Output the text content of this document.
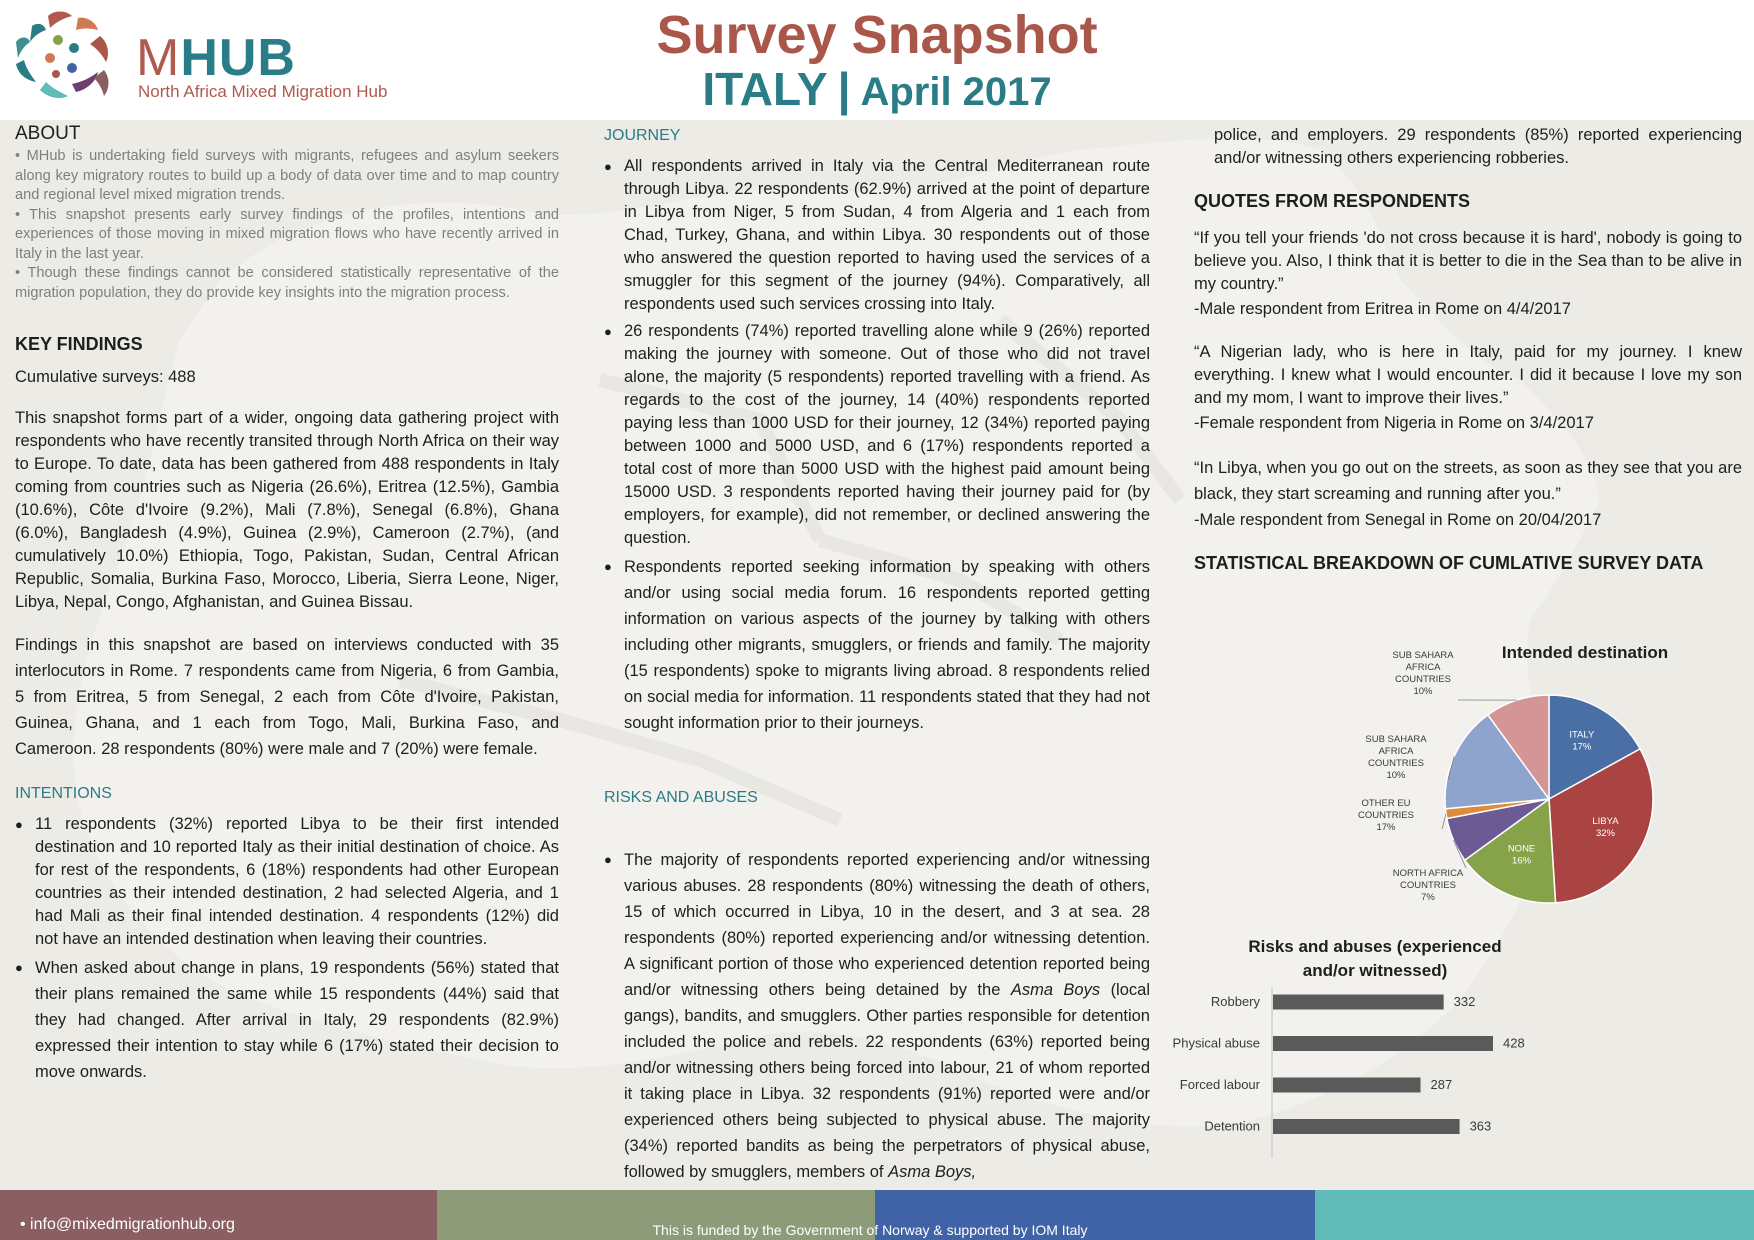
MHUB
North Africa Mixed Migration Hub
Survey Snapshot
ITALY | April 2017
ABOUT

• MHub is undertaking field surveys with migrants, refugees and asylum seekers along key migratory routes to build up a body of data over time and to map country and regional level mixed migration trends.

• This snapshot presents early survey findings of the profiles, intentions and experiences of those moving in mixed migration flows who have recently arrived in Italy in the last year.

• Though these findings cannot be considered statistically representative of the migration population, they do provide key insights into the migration process.

KEY FINDINGS

Cumulative surveys: 488

This snapshot forms part of a wider, ongoing data gathering project with respondents who have recently transited through North Africa on their way to Europe. To date, data has been gathered from 488 respondents in Italy coming from countries such as Nigeria (26.6%), Eritrea (12.5%), Gambia (10.6%), Côte d'Ivoire (9.2%), Mali (7.8%), Senegal (6.8%), Ghana (6.0%), Bangladesh (4.9%), Guinea (2.9%), Cameroon (2.7%), (and cumulatively 10.0%) Ethiopia, Togo, Pakistan, Sudan, Central African Republic, Somalia, Burkina Faso, Morocco, Liberia, Sierra Leone, Niger, Libya, Nepal, Congo, Afghanistan, and Guinea Bissau.

Findings in this snapshot are based on interviews conducted with 35 interlocutors in Rome. 7 respondents came from Nigeria, 6 from Gambia, 5 from Eritrea, 5 from Senegal, 2 each from Côte d'Ivoire, Pakistan, Guinea, Ghana, and 1 each from Togo, Mali, Burkina Faso, and Cameroon. 28 respondents (80%) were male and 7 (20%) were female.

INTENTIONS
● 11 respondents (32%) reported Libya to be their first intended destination and 10 reported Italy as their initial destination of choice. As for rest of the respondents, 6 (18%) respondents had other European countries as their intended destination, 2 had selected Algeria, and 1 had Mali as their final intended destination. 4 respondents (12%) did not have an intended destination when leaving their countries.
● When asked about change in plans, 19 respondents (56%) stated that their plans remained the same while 15 respondents (44%) said that they had changed. After arrival in Italy, 29 respondents (82.9%) expressed their intention to stay while 6 (17%) stated their decision to move onwards.
JOURNEY
● All respondents arrived in Italy via the Central Mediterranean route through Libya. 22 respondents (62.9%) arrived at the point of departure in Libya from Niger, 5 from Sudan, 4 from Algeria and 1 each from Chad, Turkey, Ghana, and within Libya. 30 respondents out of those who answered the question reported to having used the services of a smuggler for this segment of the journey (94%). Comparatively, all respondents used such services crossing into Italy.
● 26 respondents (74%) reported travelling alone while 9 (26%) reported making the journey with someone. Out of those who did not travel alone, the majority (5 respondents) reported travelling with a friend. As regards to the cost of the journey, 14 (40%) respondents reported paying less than 1000 USD for their journey, 12 (34%) reported paying between 1000 and 5000 USD, and 6 (17%) respondents reported a total cost of more than 5000 USD with the highest paid amount being 15000 USD. 3 respondents reported having their journey paid for (by employers, for example), did not remember, or declined answering the question.
● Respondents reported seeking information by speaking with others and/or using social media forum. 16 respondents reported getting information on various aspects of the journey by talking with others including other migrants, smugglers, or friends and family. The majority (15 respondents) spoke to migrants living abroad. 8 respondents relied on social media for information. 11 respondents stated that they had not sought information prior to their journeys.
RISKS AND ABUSES
● The majority of respondents reported experiencing and/or witnessing various abuses. 28 respondents (80%) witnessing the death of others, 15 of which occurred in Libya, 10 in the desert, and 3 at sea. 28 respondents (80%) reported experiencing and/or witnessing detention. A significant portion of those who experienced detention reported being and/or witnessing others being detained by the Asma Boys (local gangs), bandits, and smugglers. Other parties responsible for detention included the police and rebels. 22 respondents (63%) reported being and/or witnessing others being forced into labour, 21 of whom reported it taking place in Libya. 32 respondents (91%) reported were and/or experienced others being subjected to physical abuse. The majority (34%) reported bandits as being the perpetrators of physical abuse, followed by smugglers, members of Asma Boys,

police, and employers. 29 respondents (85%) reported experiencing and/or witnessing others experiencing robberies.

QUOTES FROM RESPONDENTS

“If you tell your friends 'do not cross because it is hard', nobody is going to believe you. Also, I think that it is better to die in the Sea than to be alive in my country.”

-Male respondent from Eritrea in Rome on 4/4/2017

“A Nigerian lady, who is here in Italy, paid for my journey. I knew everything. I knew what I would encounter. I did it because I love my son and my mom, I want to improve their lives.”

-Female respondent from Nigeria in Rome on 3/4/2017

“In Libya, when you go out on the streets, as soon as they see that you are black, they start screaming and running after you.”

-Male respondent from Senegal in Rome on 20/04/2017

STATISTICAL BREAKDOWN OF CUMLATIVE SURVEY DATA
Intended destination
ITALY 17%
LIBYA 32%
NONE 16%
NORTH AFRICA COUNTRIES 7%
OTHER EU COUNTRIES 17%
SUB SAHARA AFRICA COUNTRIES 10%
SUB SAHARA AFRICA COUNTRIES 10%
Risks and abuses (experienced
and/or witnessed)
Robbery	332
Physical abuse	428
Forced labour	287
Detention	363
• info@mixedmigrationhub.org	This is funded by the Government of Norway & supported by IOM Italy
